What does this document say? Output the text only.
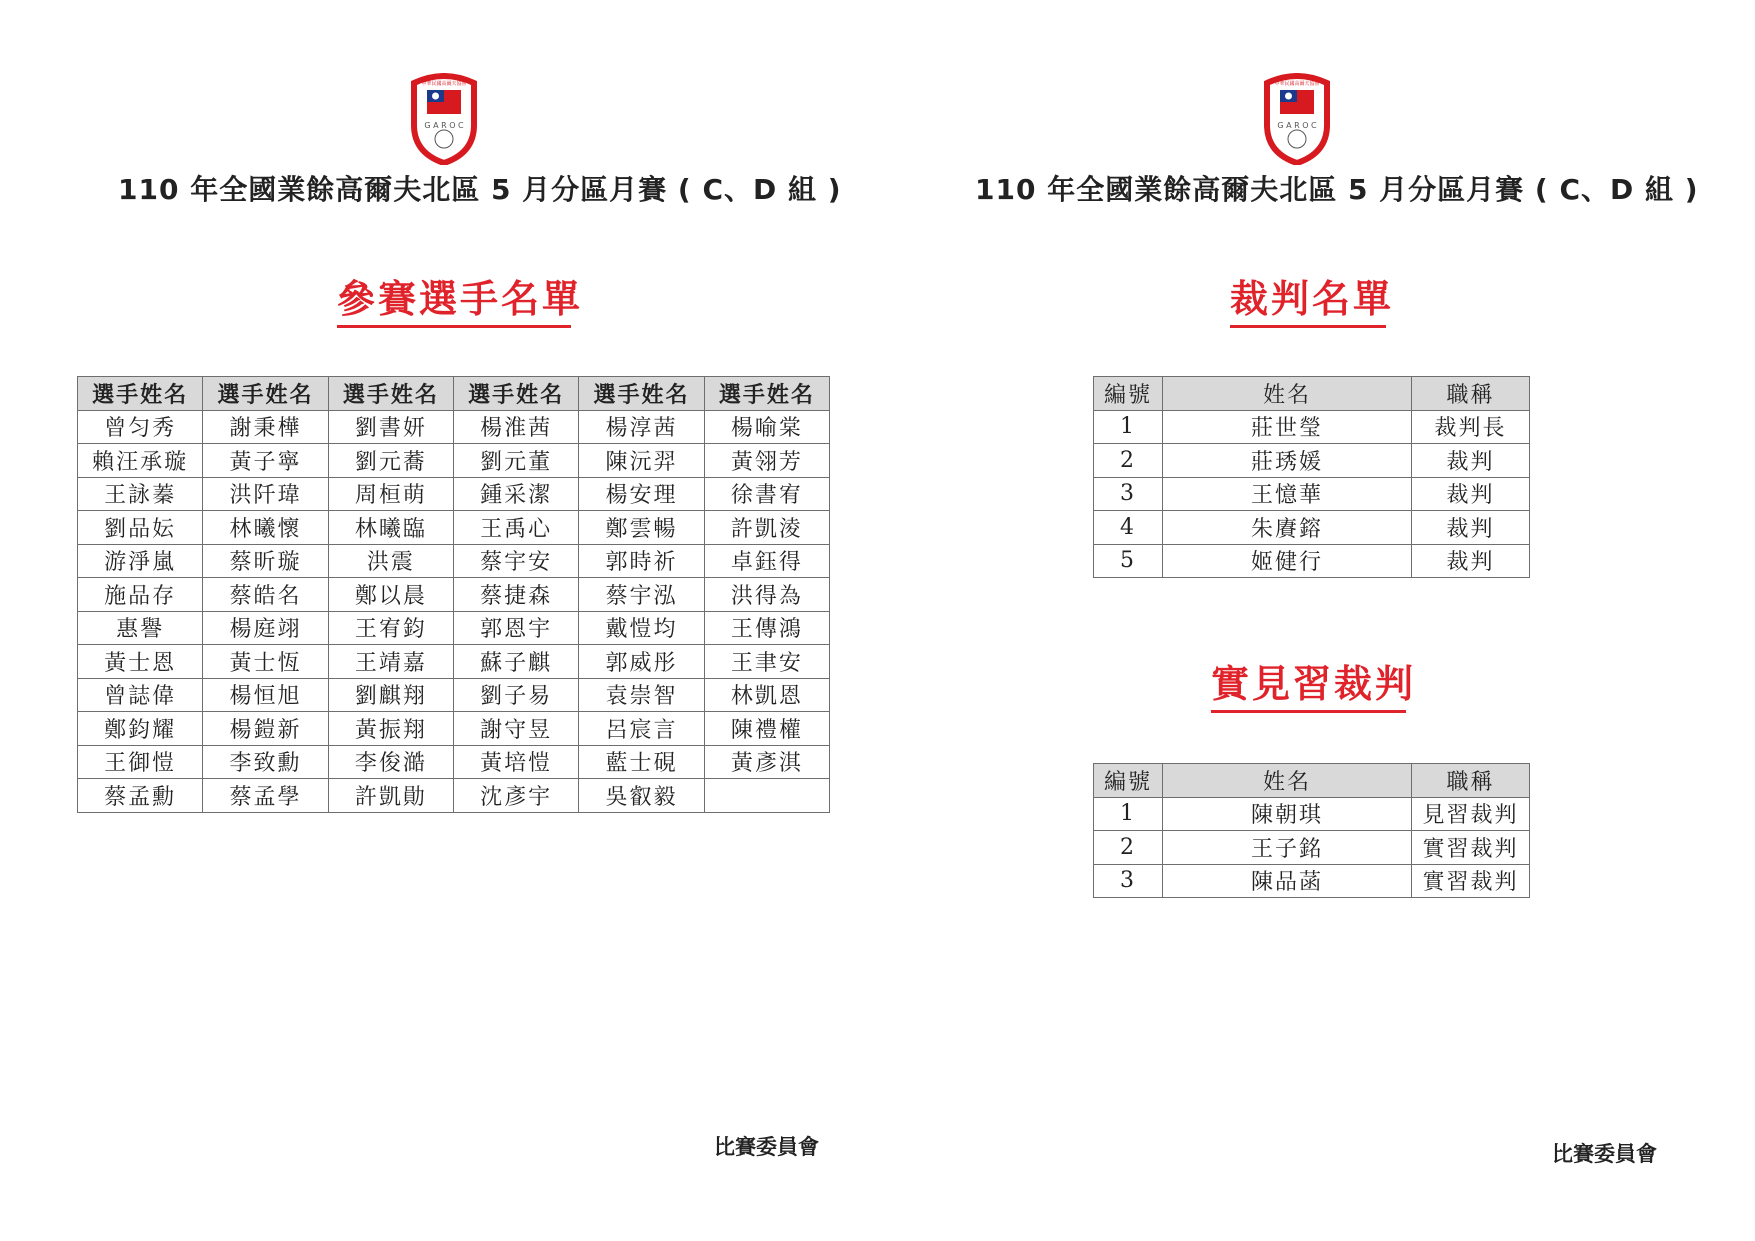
G A R O C
中華民國高爾夫協會
G A R O C
中華民國高爾夫協會
110 年全國業餘高爾夫北區 5 月分區月賽 ( C、D 組 )	110 年全國業餘高爾夫北區 5 月分區月賽 ( C、D 組 )
參賽選手名單	裁判名單
實見習裁判
選手姓名	選手姓名	選手姓名	選手姓名	選手姓名	選手姓名
曾匀秀	謝秉樺	劉書妍	楊淮茜	楊淳茜	楊喻棠
賴汪承璇	黃子寧	劉元蕎	劉元董	陳沅羿	黃翎芳
王詠蓁	洪阡瑋	周桓萌	鍾采潔	楊安理	徐書宥
劉品妘	林曦懷	林曦臨	王禹心	鄭雲暢	許凱淩
游淨嵐	蔡昕璇	洪震	蔡宇安	郭時祈	卓鈺得
施品存	蔡皓名	鄭以晨	蔡捷森	蔡宇泓	洪得為
惠譽	楊庭翊	王宥鈞	郭恩宇	戴愷均	王傳鴻
黃士恩	黃士恆	王靖嘉	蘇子麒	郭威彤	王聿安
曾誌偉	楊恒旭	劉麒翔	劉子易	袁崇智	林凱恩
鄭鈞耀	楊鎧新	黃振翔	謝守昱	呂宸言	陳禮權
王御愷	李致勳	李俊澔	黃培愷	藍士硯	黃彥淇
蔡孟勳	蔡孟學	許凱勛	沈彥宇	吳叡毅	
編號	姓名	職稱
1	莊世瑩	裁判長
2	莊琇媛	裁判
3	王憶華	裁判
4	朱賡鎔	裁判
5	姬健行	裁判
編號	姓名	職稱
1	陳朝琪	見習裁判
2	王子銘	實習裁判
3	陳品菡	實習裁判
比賽委員會	比賽委員會
